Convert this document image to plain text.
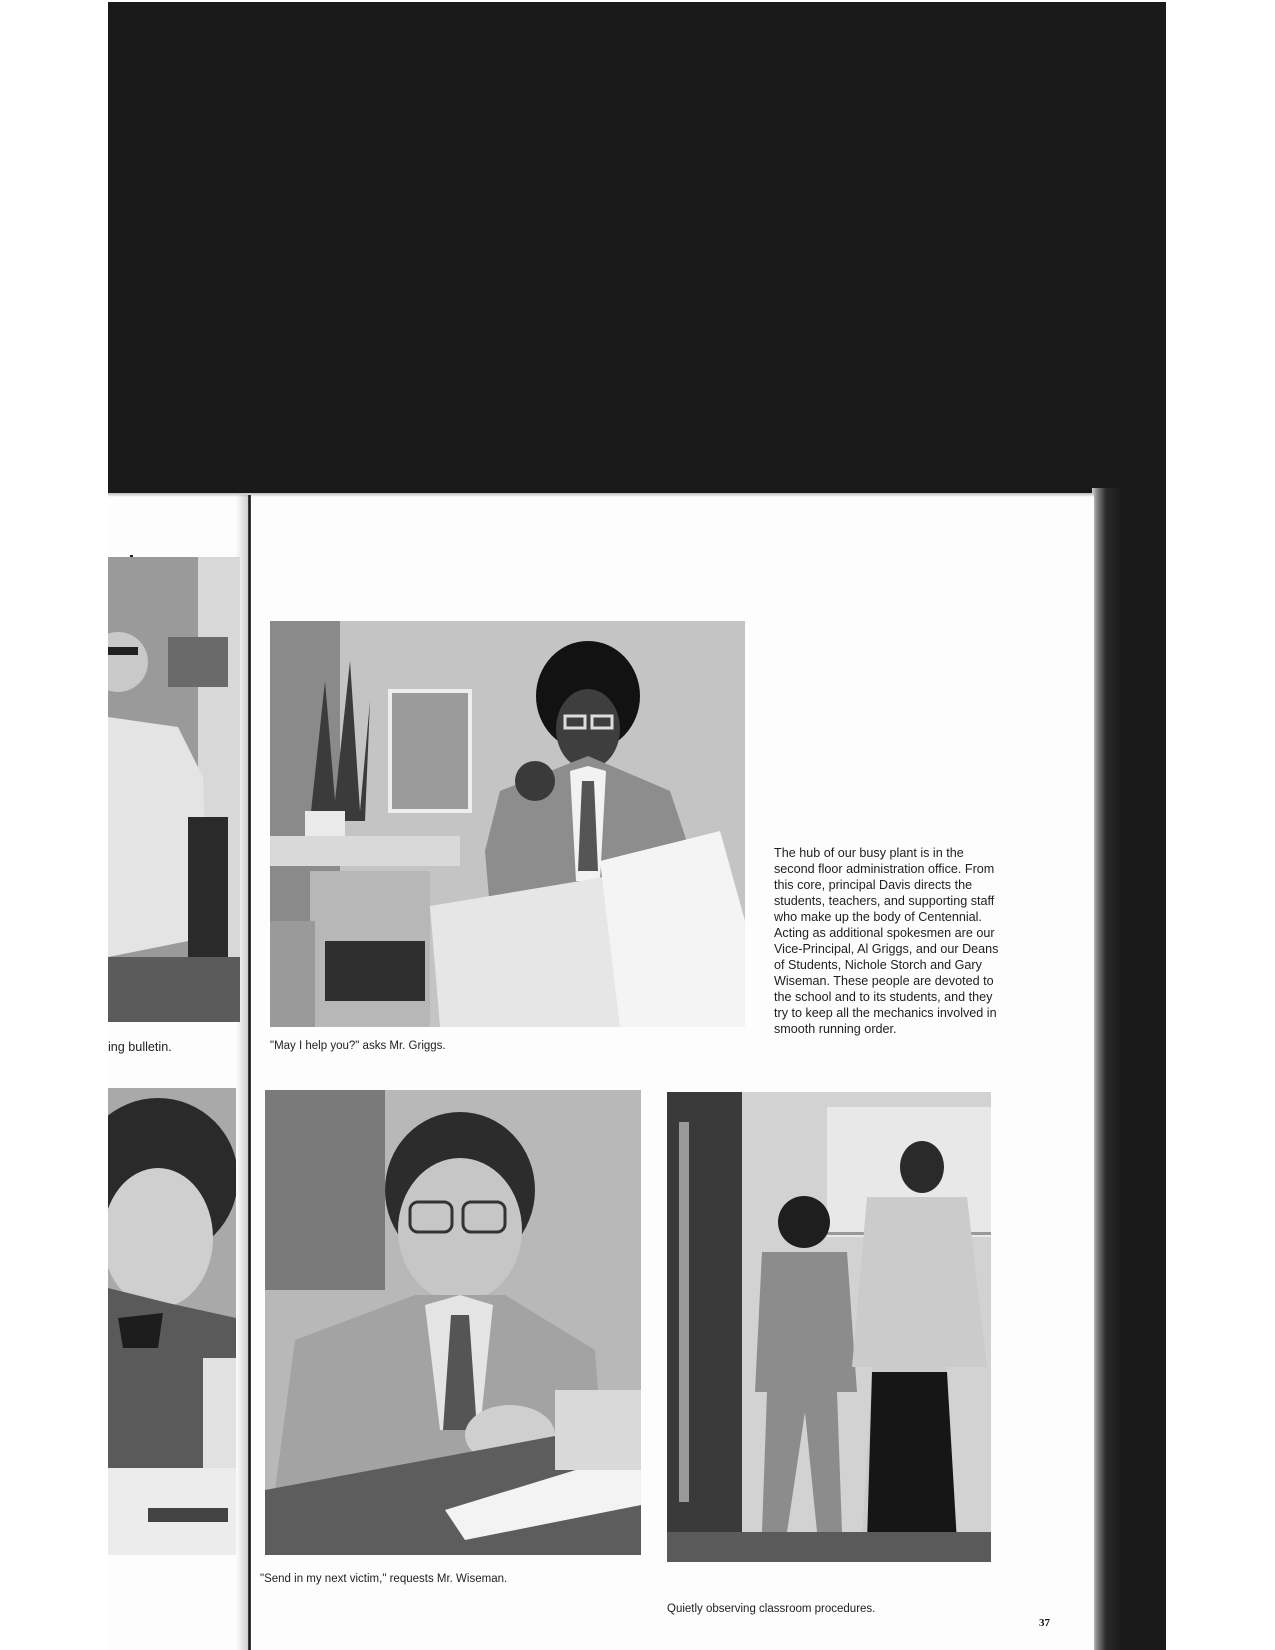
ing bulletin.	"May I help you?" asks Mr. Griggs.
"Send in my next victim," requests Mr. Wiseman.
Quietly observing classroom procedures.

The hub of our busy plant is in the second floor administration office. From this core, principal Davis directs the students, teachers, and supporting staff who make up the body of Centennial. Acting as additional spokesmen are our Vice-Principal, Al Griggs, and our Deans of Students, Nichole Storch and Gary Wiseman. These people are devoted to the school and to its students, and they try to keep all the mechanics involved in smooth running order.

37
